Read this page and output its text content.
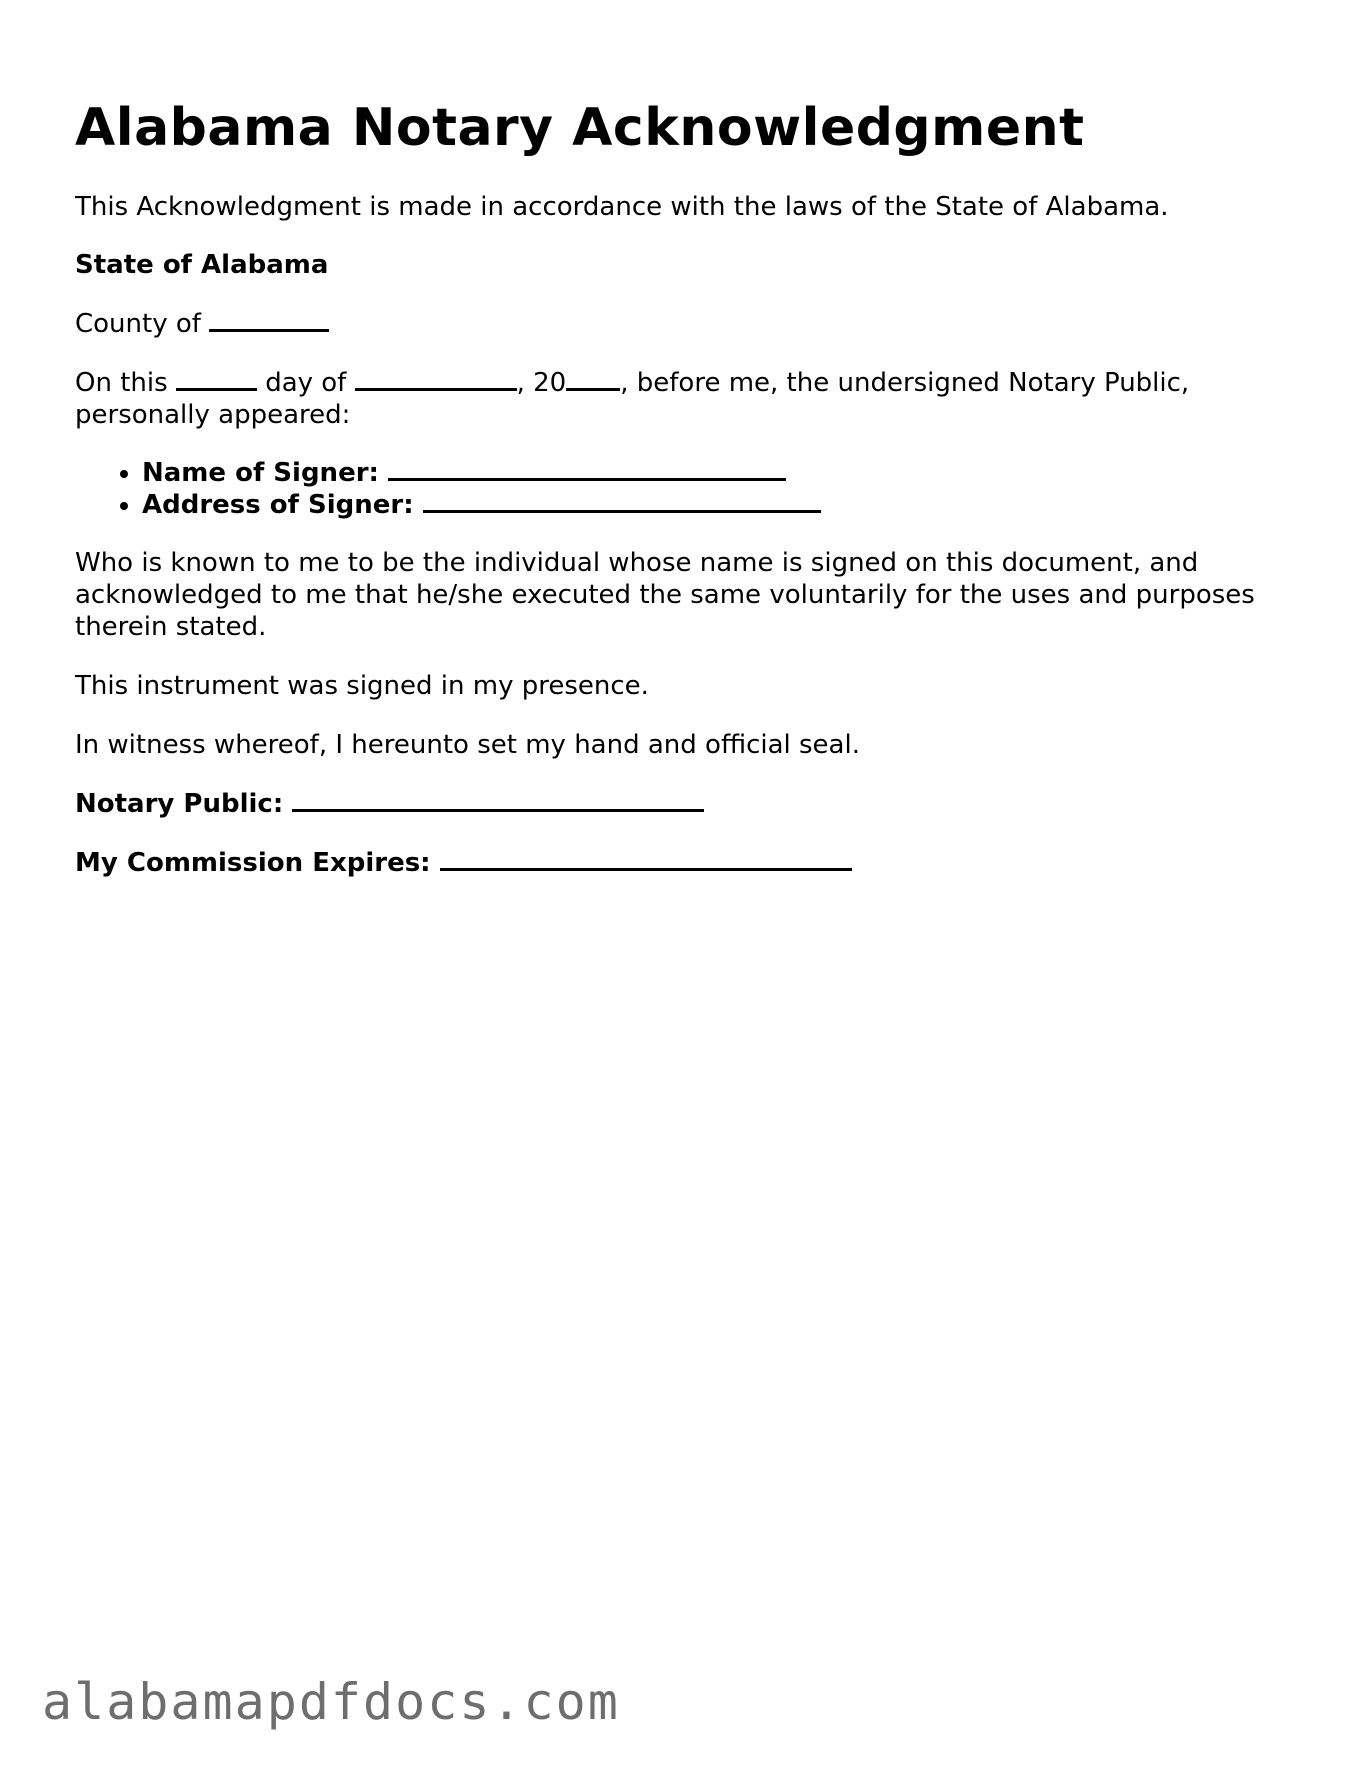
Alabama Notary Acknowledgment

This Acknowledgment is made in accordance with the laws of the State of Alabama.

State of Alabama

County of

On this	day of	, 20 , before me, the undersigned Notary Public, personally appeared:

• Name of Signer:
• Address of Signer:

Who is known to me to be the individual whose name is signed on this document, and acknowledged to me that he/she executed the same voluntarily for the uses and purposes therein stated.

This instrument was signed in my presence.

In witness whereof, I hereunto set my hand and official seal.

Notary Public:

My Commission Expires:

alabamapdfdocs.com
